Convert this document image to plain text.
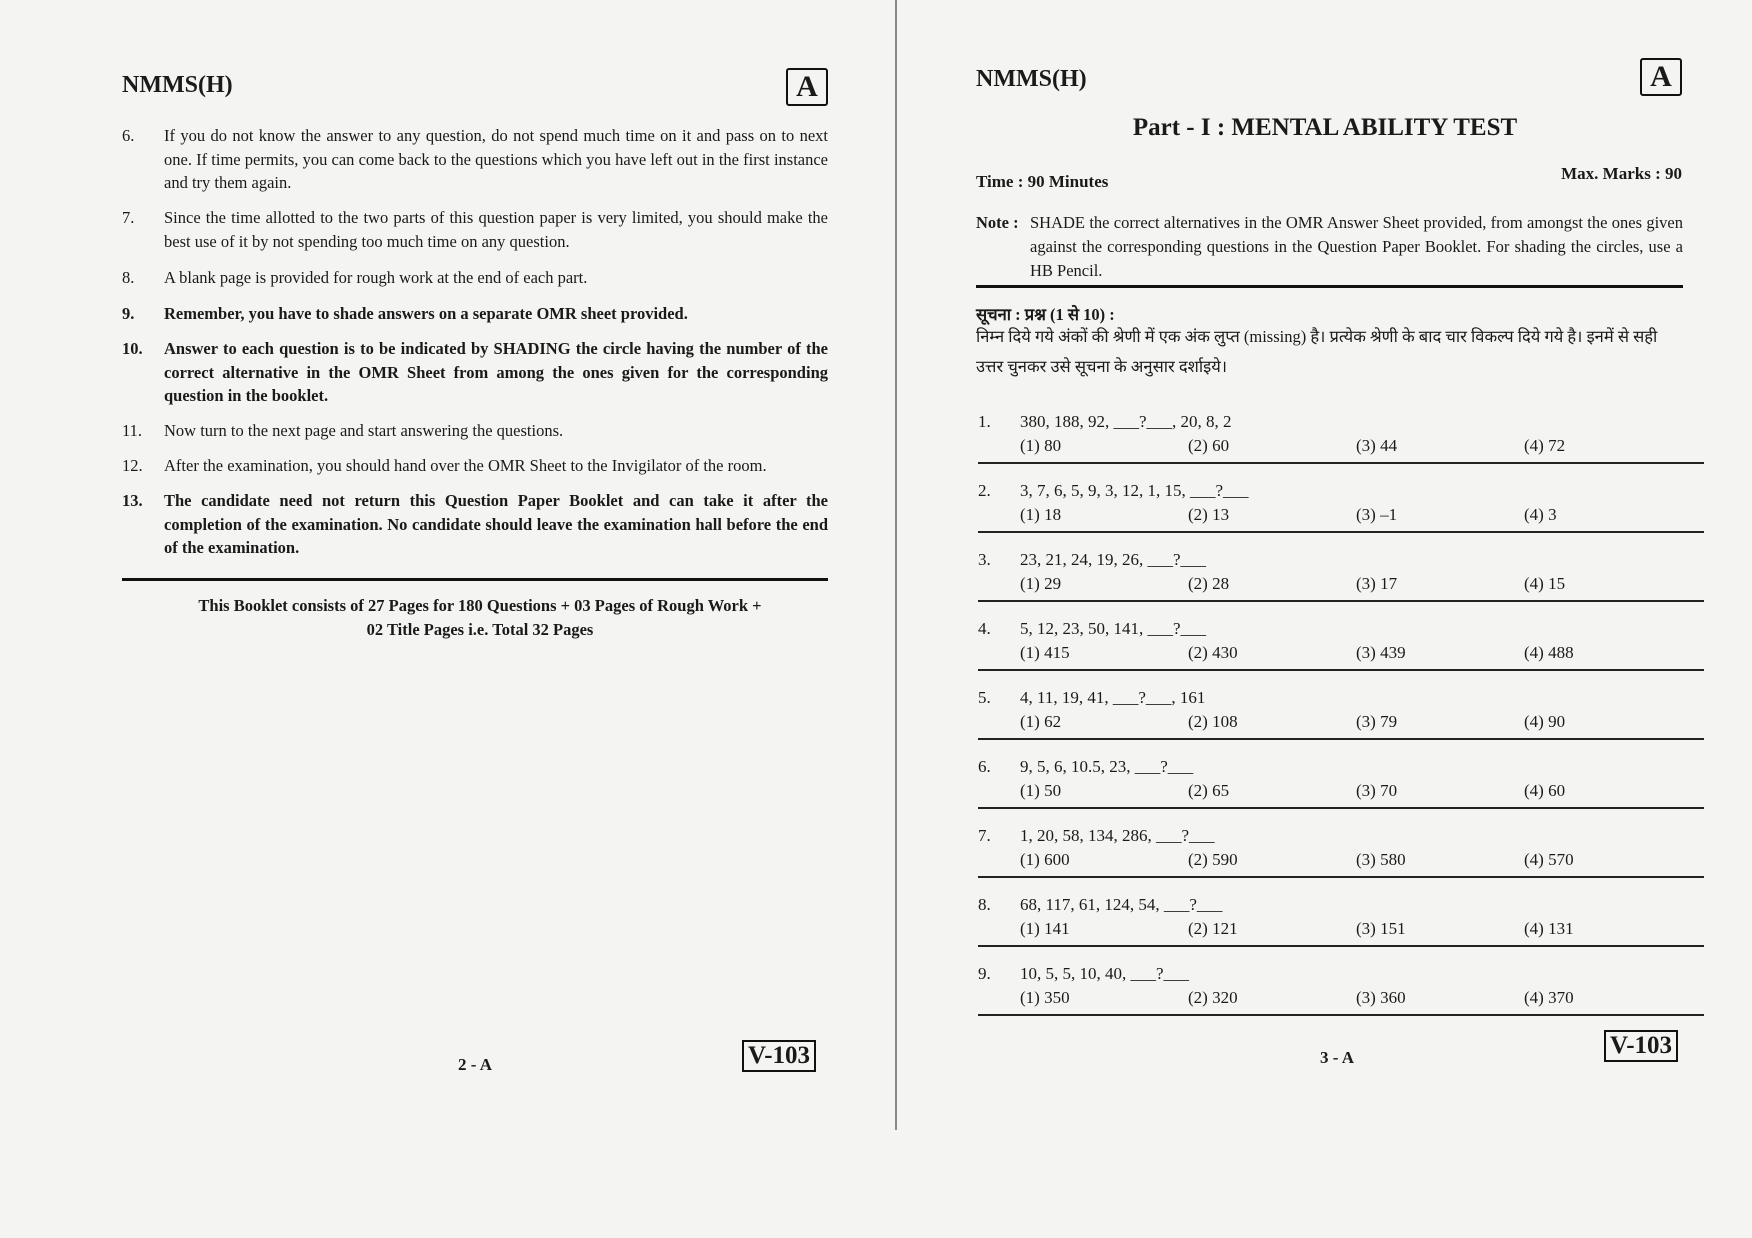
NMMS(H)	A
6. If you do not know the answer to any question, do not spend much time on it and pass on to next one. If time permits, you can come back to the questions which you have left out in the first instance and try them again.
7. Since the time allotted to the two parts of this question paper is very limited, you should make the best use of it by not spending too much time on any question.
8. A blank page is provided for rough work at the end of each part.
9. Remember, you have to shade answers on a separate OMR sheet provided.
10. Answer to each question is to be indicated by SHADING the circle having the number of the correct alternative in the OMR Sheet from among the ones given for the corresponding question in the booklet.
11. Now turn to the next page and start answering the questions.
12. After the examination, you should hand over the OMR Sheet to the Invigilator of the room.
13. The candidate need not return this Question Paper Booklet and can take it after the completion of the examination. No candidate should leave the examination hall before the end of the examination.
This Booklet consists of 27 Pages for 180 Questions + 03 Pages of Rough Work +
02 Title Pages i.e. Total 32 Pages
2 - A	V-103
NMMS(H)	A
Part - I : MENTAL ABILITY TEST
Time : 90 Minutes	Max. Marks : 90
Note : SHADE the correct alternatives in the OMR Answer Sheet provided, from amongst the ones given against the corresponding questions in the Question Paper Booklet. For shading the circles, use a HB Pencil.
सूचना : प्रश्न (1 से 10) :
निम्न दिये गये अंकों की श्रेणी में एक अंक लुप्त (missing) है। प्रत्येक श्रेणी के बाद चार विकल्प दिये गये है। इनमें से सही उत्तर चुनकर उसे सूचना के अनुसार दर्शाइये।
1. 380, 188, 92, ___?___, 20, 8, 2
(1) 80	(2) 60	(3) 44	(4) 72
2. 3, 7, 6, 5, 9, 3, 12, 1, 15, ___?___
(1) 18	(2) 13	(3) –1	(4) 3
3. 23, 21, 24, 19, 26, ___?___
(1) 29	(2) 28	(3) 17	(4) 15
4. 5, 12, 23, 50, 141, ___?___
(1) 415	(2) 430	(3) 439	(4) 488
5. 4, 11, 19, 41, ___?___, 161
(1) 62	(2) 108	(3) 79	(4) 90
6. 9, 5, 6, 10.5, 23, ___?___
(1) 50	(2) 65	(3) 70	(4) 60
7. 1, 20, 58, 134, 286, ___?___
(1) 600	(2) 590	(3) 580	(4) 570
8. 68, 117, 61, 124, 54, ___?___
(1) 141	(2) 121	(3) 151	(4) 131
9. 10, 5, 5, 10, 40, ___?___
(1) 350	(2) 320	(3) 360	(4) 370
3 - A	V-103
